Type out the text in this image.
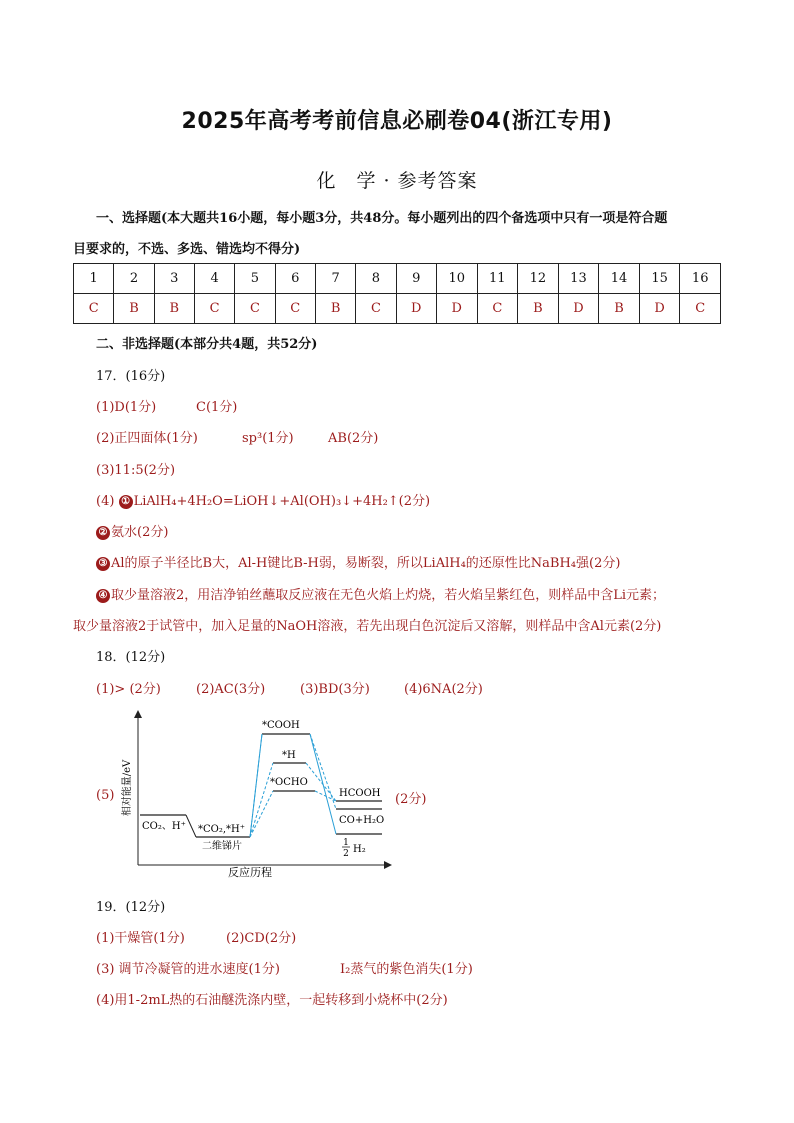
2025年高考考前信息必刷卷04(浙江专用)
化　学 · 参考答案
一、选择题(本大题共16小题，每小题3分，共48分。每小题列出的四个备选项中只有一项是符合题
目要求的，不选、多选、错选均不得分)
1	2	3	4	5	6	7	8	9	10	11	12	13	14	15	16
C	B	B	C	C	C	B	C	D	D	C	B	D	B	D	C
二、非选择题(本部分共4题，共52分)
17．(16分)
(1)D(1分)	C(1分)
(2)正四面体(1分)	sp³(1分)	AB(2分)
(3)11:5(2分)
(4) ① LiAlH₄+4H₂O=LiOH↓+Al(OH)₃↓+4H₂↑(2分)
② 氨水(2分)
③ Al的原子半径比B大，Al-H键比B-H弱，易断裂，所以LiAlH₄的还原性比NaBH₄强(2分)
④ 取少量溶液2，用洁净铂丝蘸取反应液在无色火焰上灼烧，若火焰呈紫红色，则样品中含Li元素；
取少量溶液2于试管中，加入足量的NaOH溶液，若先出现白色沉淀后又溶解，则样品中含Al元素(2分)
18．(12分)
(1)> (2分)	(2)AC(3分)	(3)BD(3分)	(4)6NA(2分)
(5)	(2分)
相对能量/eV
CO₂、H⁺ *CO₂,*H⁺
二维锑片
*COOH
*H
*OCHO
HCOOH
CO+H₂O
1
2 H₂
反应历程
19．(12分)
(1)干燥管(1分)	(2)CD(2分)
(3) 调节冷凝管的进水速度(1分)	I₂蒸气的紫色消失(1分)
(4)用1-2mL热的石油醚洗涤内壁，一起转移到小烧杯中(2分)
